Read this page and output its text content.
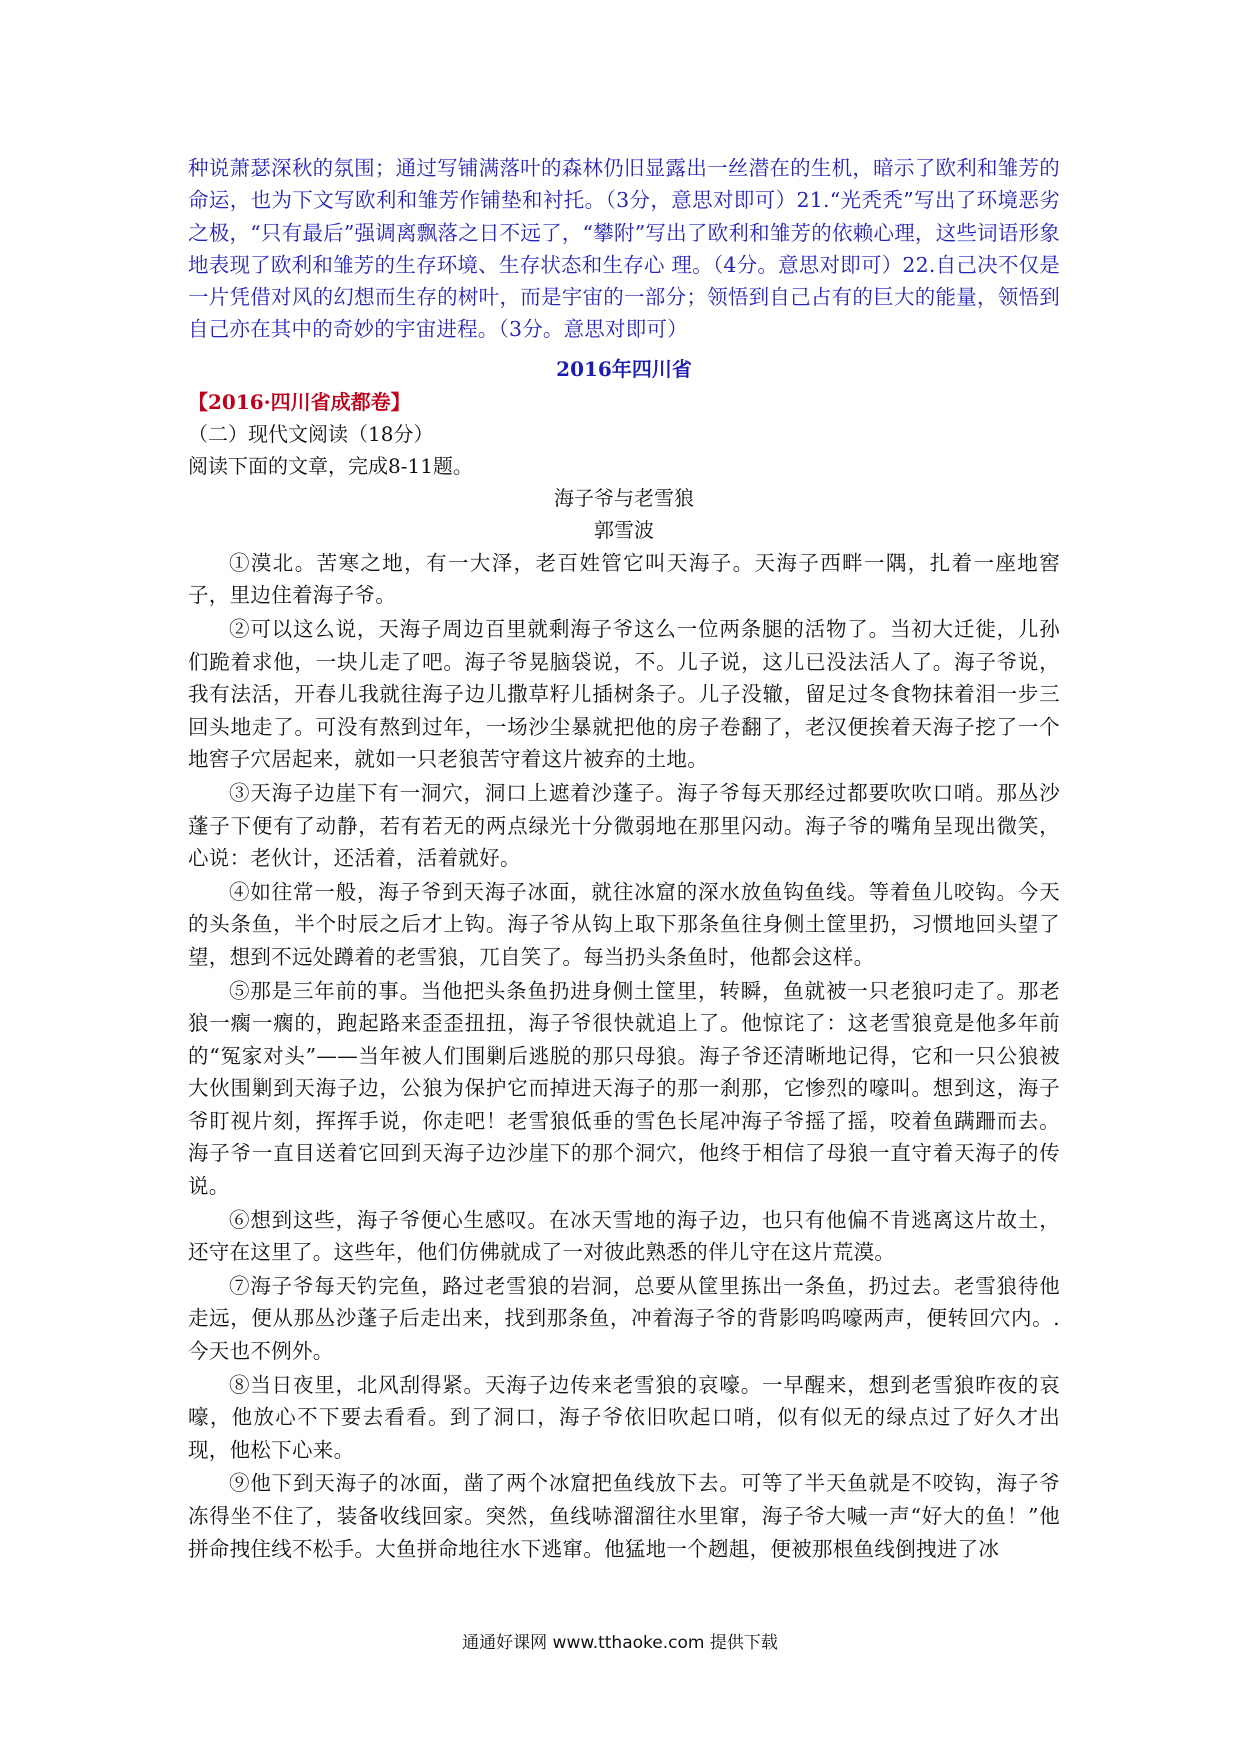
种说萧瑟深秋的氛围；通过写铺满落叶的森林仍旧显露出一丝潜在的生机，暗示了欧利和雏芳的命运，也为下文写欧利和雏芳作铺垫和衬托。（3分，意思对即可）21.“光秃秃”写出了环境恶劣之极，“只有最后”强调离飘落之日不远了，“攀附”写出了欧利和雏芳的依赖心理，这些词语形象地表现了欧利和雏芳的生存环境、生存状态和生存心 理。（4分。意思对即可）22.自己决不仅是一片凭借对风的幻想而生存的树叶，而是宇宙的一部分；领悟到自己占有的巨大的能量，领悟到自己亦在其中的奇妙的宇宙进程。（3分。意思对即可）

2016年四川省
【2016·四川省成都卷】
（二）现代文阅读（18分）
阅读下面的文章，完成8-11题。
海子爷与老雪狼
郭雪波

①漠北。苦寒之地，有一大泽，老百姓管它叫天海子。天海子西畔一隅，扎着一座地窖子，里边住着海子爷。

②可以这么说，天海子周边百里就剩海子爷这么一位两条腿的活物了。当初大迁徙，儿孙们跪着求他，一块儿走了吧。海子爷晃脑袋说，不。儿子说，这儿已没法活人了。海子爷说，我有法活，开春儿我就往海子边儿撒草籽儿插树条子。儿子没辙，留足过冬食物抹着泪一步三回头地走了。可没有熬到过年，一场沙尘暴就把他的房子卷翻了，老汉便挨着天海子挖了一个地窖子穴居起来，就如一只老狼苦守着这片被弃的土地。

③天海子边崖下有一洞穴，洞口上遮着沙蓬子。海子爷每天那经过都要吹吹口哨。那丛沙蓬子下便有了动静，若有若无的两点绿光十分微弱地在那里闪动。海子爷的嘴角呈现出微笑，心说：老伙计，还活着，活着就好。

④如往常一般，海子爷到天海子冰面，就往冰窟的深水放鱼钩鱼线。等着鱼儿咬钩。今天的头条鱼，半个时辰之后才上钩。海子爷从钩上取下那条鱼往身侧土筐里扔，习惯地回头望了望，想到不远处蹲着的老雪狼，兀自笑了。每当扔头条鱼时，他都会这样。

⑤那是三年前的事。当他把头条鱼扔进身侧土筐里，转瞬，鱼就被一只老狼叼走了。那老狼一瘸一瘸的，跑起路来歪歪扭扭，海子爷很快就追上了。他惊诧了：这老雪狼竟是他多年前的“冤家对头”——当年被人们围剿后逃脱的那只母狼。海子爷还清晰地记得，它和一只公狼被大伙围剿到天海子边，公狼为保护它而掉进天海子的那一刹那，它惨烈的嚎叫。想到这，海子爷盯视片刻，挥挥手说，你走吧！老雪狼低垂的雪色长尾冲海子爷摇了摇，咬着鱼蹒跚而去。海子爷一直目送着它回到天海子边沙崖下的那个洞穴，他终于相信了母狼一直守着天海子的传说。

⑥想到这些，海子爷便心生感叹。在冰天雪地的海子边，也只有他偏不肯逃离这片故土，还守在这里了。这些年，他们仿佛就成了一对彼此熟悉的伴儿守在这片荒漠。

⑦海子爷每天钓完鱼，路过老雪狼的岩洞，总要从筐里拣出一条鱼，扔过去。老雪狼待他走远，便从那丛沙蓬子后走出来，找到那条鱼，冲着海子爷的背影呜呜嚎两声，便转回穴内。.今天也不例外。

⑧当日夜里，北风刮得紧。天海子边传来老雪狼的哀嚎。一早醒来，想到老雪狼昨夜的哀嚎，他放心不下要去看看。到了洞口，海子爷依旧吹起口哨，似有似无的绿点过了好久才出现，他松下心来。

⑨他下到天海子的冰面，凿了两个冰窟把鱼线放下去。可等了半天鱼就是不咬钩，海子爷冻得坐不住了，装备收线回家。突然，鱼线哧溜溜往水里窜，海子爷大喊一声“好大的鱼！”他拼命拽住线不松手。大鱼拼命地往水下逃窜。他猛地一个趔趄，便被那根鱼线倒拽进了冰

通通好课网 www.tthaoke.com 提供下载
